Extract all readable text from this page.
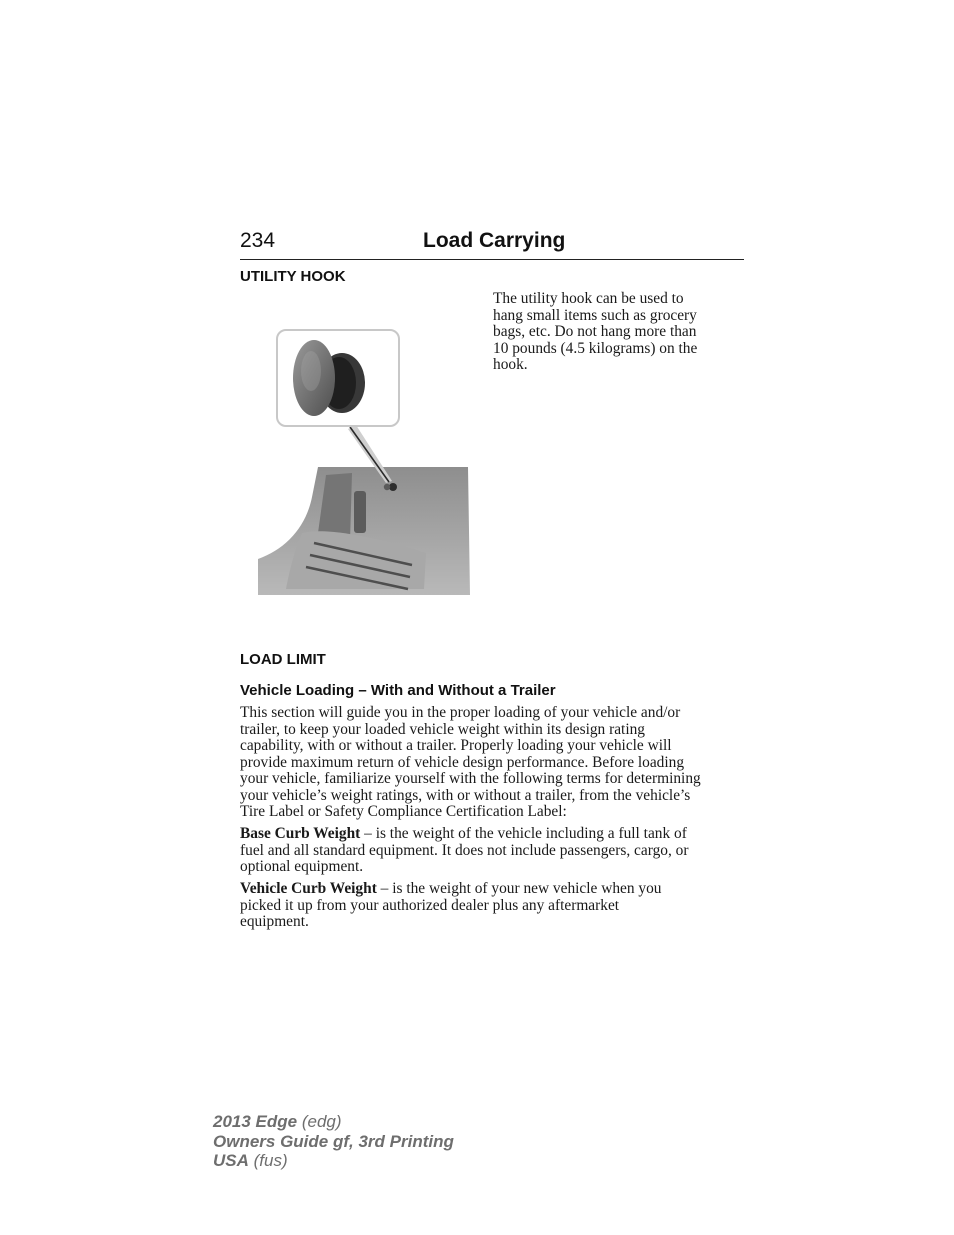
234	Load Carrying
UTILITY HOOK

The utility hook can be used to
hang small items such as grocery
bags, etc. Do not hang more than
10 pounds (4.5 kilograms) on the
hook.

LOAD LIMIT
Vehicle Loading – With and Without a Trailer

This section will guide you in the proper loading of your vehicle and/or
trailer, to keep your loaded vehicle weight within its design rating
capability, with or without a trailer. Properly loading your vehicle will
provide maximum return of vehicle design performance. Before loading
your vehicle, familiarize yourself with the following terms for determining
your vehicle’s weight ratings, with or without a trailer, from the vehicle’s
Tire Label or Safety Compliance Certification Label:

Base Curb Weight – is the weight of the vehicle including a full tank of
fuel and all standard equipment. It does not include passengers, cargo, or
optional equipment.

Vehicle Curb Weight – is the weight of your new vehicle when you
picked it up from your authorized dealer plus any aftermarket
equipment.

2013 Edge (edg)
Owners Guide gf, 3rd Printing
USA (fus)
